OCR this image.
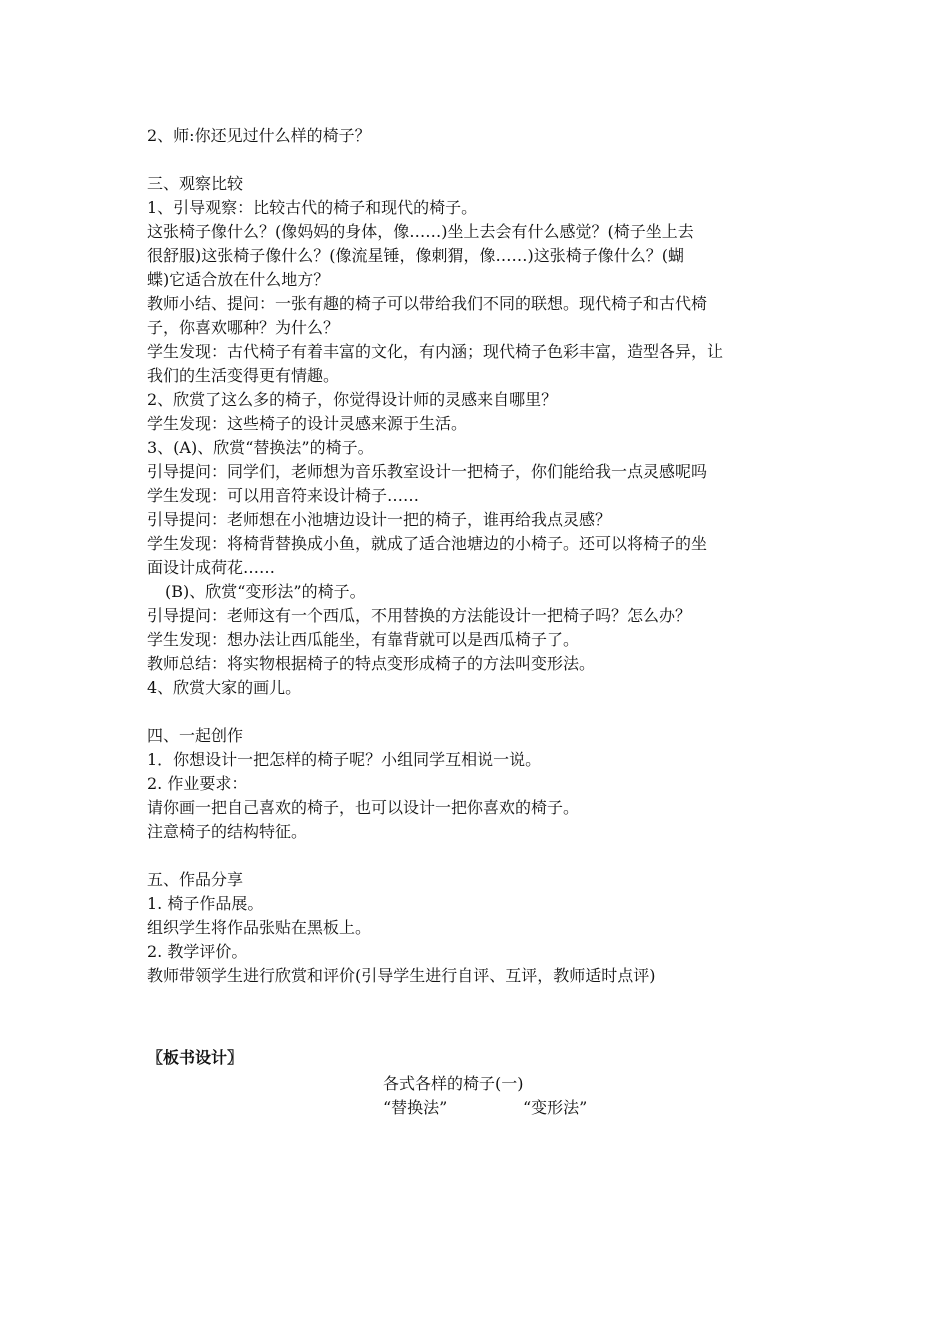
2、师:你还见过什么样的椅子？
三、观察比较
1、引导观察：比较古代的椅子和现代的椅子。
这张椅子像什么？(像妈妈的身体，像……)坐上去会有什么感觉？(椅子坐上去
很舒服)这张椅子像什么？(像流星锤，像刺猬，像……)这张椅子像什么？(蝴
蝶)它适合放在什么地方？
教师小结、提问：一张有趣的椅子可以带给我们不同的联想。现代椅子和古代椅
子，你喜欢哪种？为什么？
学生发现：古代椅子有着丰富的文化，有内涵；现代椅子色彩丰富，造型各异，让
我们的生活变得更有情趣。
2、欣赏了这么多的椅子，你觉得设计师的灵感来自哪里？
学生发现：这些椅子的设计灵感来源于生活。
3、(A)、欣赏“替换法”的椅子。
引导提问：同学们，老师想为音乐教室设计一把椅子，你们能给我一点灵感呢吗
学生发现：可以用音符来设计椅子……
引导提问：老师想在小池塘边设计一把的椅子，谁再给我点灵感？
学生发现：将椅背替换成小鱼，就成了适合池塘边的小椅子。还可以将椅子的坐
面设计成荷花……
(B)、欣赏“变形法”的椅子。
引导提问：老师这有一个西瓜，不用替换的方法能设计一把椅子吗？怎么办？
学生发现：想办法让西瓜能坐，有靠背就可以是西瓜椅子了。
教师总结：将实物根据椅子的特点变形成椅子的方法叫变形法。
4、欣赏大家的画儿。
四、一起创作
1．你想设计一把怎样的椅子呢？小组同学互相说一说。
2. 作业要求：
请你画一把自己喜欢的椅子，也可以设计一把你喜欢的椅子。
注意椅子的结构特征。
五、作品分享
1. 椅子作品展。
组织学生将作品张贴在黑板上。
2. 教学评价。
教师带领学生进行欣赏和评价(引导学生进行自评、互评，教师适时点评)
〖板书设计〗
各式各样的椅子(一)
“替换法”	“变形法”
